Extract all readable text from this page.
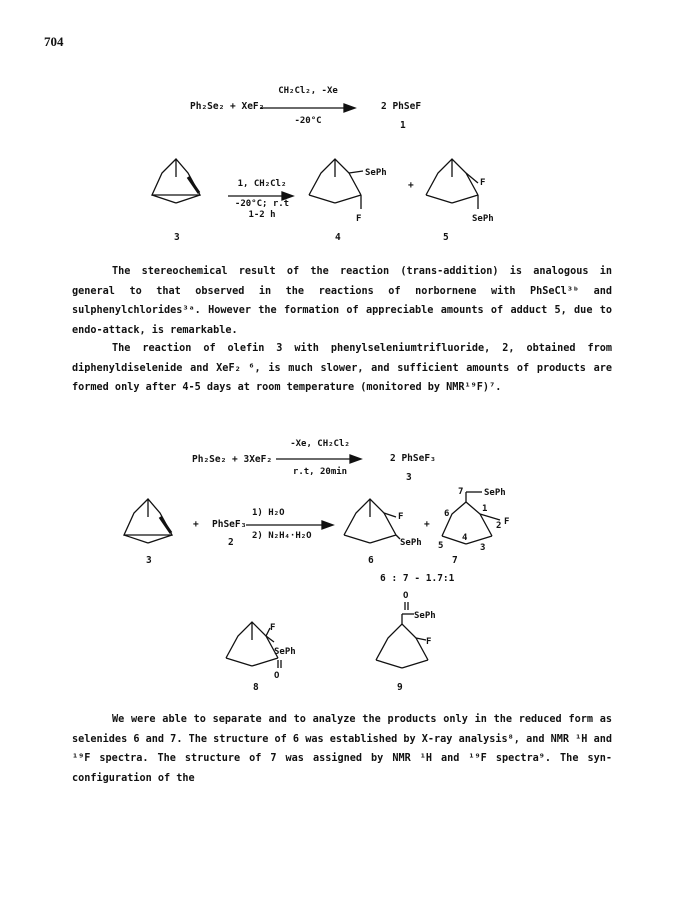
704
Ph₂Se₂ + XeF₂
CH₂Cl₂, -Xe
-20°C
2 PhSeF
1
3
1, CH₂Cl₂
-20°C; r.t
1-2 h
SePh
F
4
+	F
SePh
5
The stereochemical result of the reaction (trans-addition) is analogous in general to that observed in the reactions of norbornene with PhSeCl³ᵇ and sulphenylchlorides³ᵃ. However the formation of appreciable amounts of adduct 5, due to endo-attack, is remarkable.
The reaction of olefin 3 with phenylseleniumtrifluoride, 2, obtained from diphenyldiselenide and XeF₂ ⁶, is much slower, and sufficient amounts of products are formed only after 4-5 days at room temperature (monitored by NMR¹⁹F)⁷.
Ph₂Se₂ + 3XeF₂
-Xe, CH₂Cl₂
r.t, 20min
2 PhSeF₃
3
3
+ PhSeF₃
2
1) H₂O
2) N₂H₄·H₂O
F
SePh
6
+
SePh
7
6	1
2 F
5
4
3
7
6 : 7 - 1.7:1
F
SePh
O
8
O
SePh
F
9
We were able to separate and to analyze the products only in the reduced form as selenides 6 and 7. The structure of 6 was established by X-ray analysis⁸, and NMR ¹H and ¹⁹F spectra. The structure of 7 was assigned by NMR ¹H and ¹⁹F spectra⁹. The syn-configuration of the
